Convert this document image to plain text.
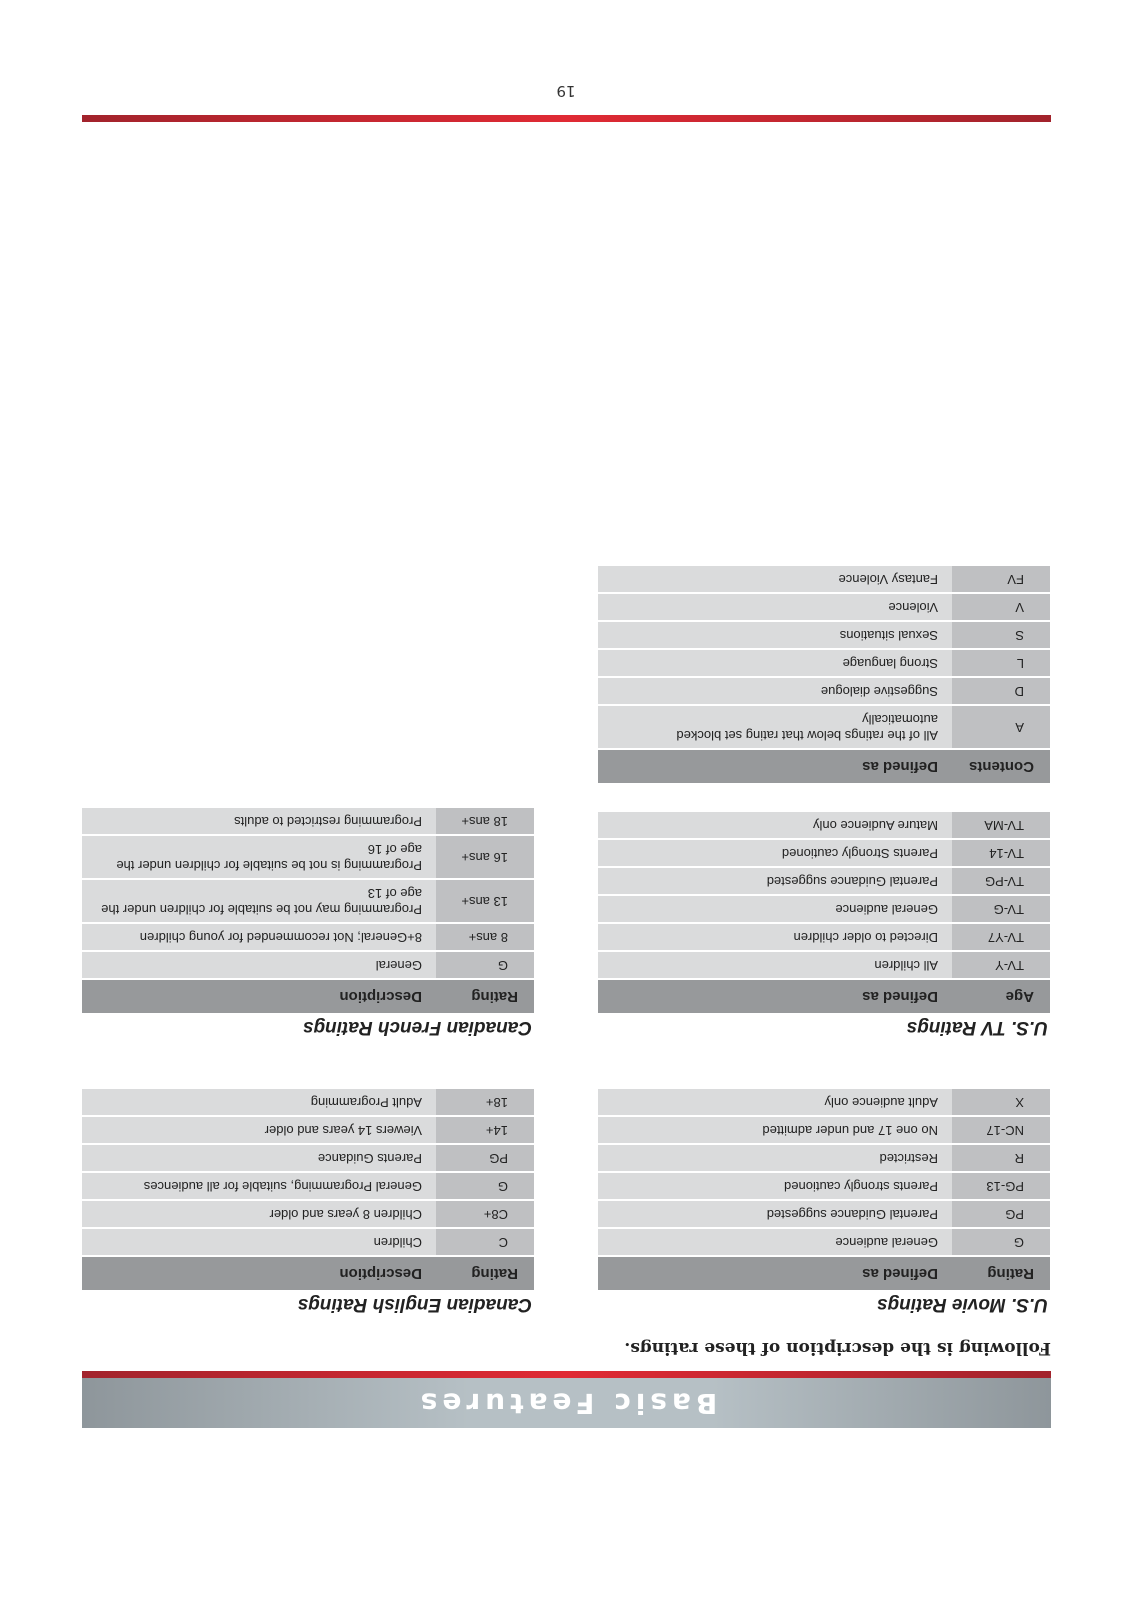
Basic Features
Following is the description of these ratings.
U.S. Movie Ratings
Rating	Defined as
G	General audience
PG	Parental Guidance suggested
PG-13	Parents strongly cautioned
R	Restricted
NC-17	No one 17 and under admitted
X	Adult audience only
Canadian English Ratings
Rating	Description
C	Children
C8+	Children 8 years and older
G	General Programming, suitable for all audiences
PG	Parents Guidance
14+	Viewers 14 years and older
18+	Adult Programming
U.S. TV Ratings
Age	Defined as
TV-Y	All children
TV-Y7	Directed to older children
TV-G	General audience
TV-PG	Parental Guidance suggested
TV-14	Parents Strongly cautioned
TV-MA	Mature Audience only
Canadian French Ratings
Rating	Description
G	General
8 ans+	8+General; Not recommended for young children
13 ans+	Programming may not be suitable for children under the age of 13
16 ans+	Programming is not be suitable for children under the age of 16
18 ans+	Programming restricted to adults
Contents	Defined as
A	All of the ratings below that rating set blocked automatically
D	Suggestive dialogue
L	Strong language
S	Sexual situations
V	Violence
FV	Fantasy Violence
19
